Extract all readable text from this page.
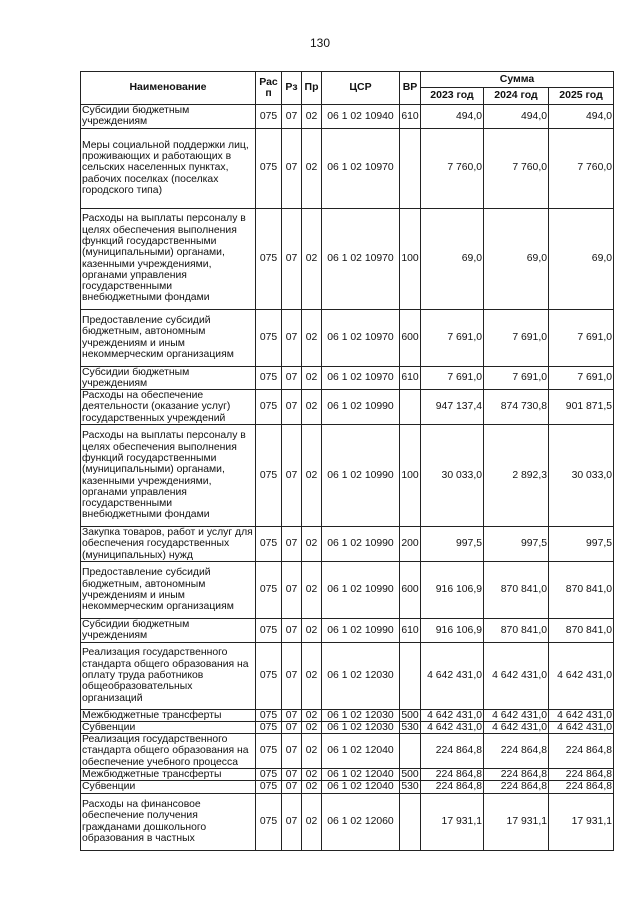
130
Наименование	Рас п	Рз	Пр	ЦСР	ВР	Сумма		
						2023 год	2024 год	2025 год
Субсидии бюджетным учреждениям	075	07	02	06 1 02 10940	610	494,0	494,0	494,0
Меры социальной поддержки лиц, проживающих и работающих в сельских населенных пунктах, рабочих поселках (поселках городского типа)	075	07	02	06 1 02 10970		7 760,0	7 760,0	7 760,0
Расходы на выплаты персоналу в целях обеспечения выполнения функций государственными (муниципальными) органами, казенными учреждениями, органами управления государственными внебюджетными фондами	075	07	02	06 1 02 10970	100	69,0	69,0	69,0
Предоставление субсидий бюджетным, автономным учреждениям и иным некоммерческим организациям	075	07	02	06 1 02 10970	600	7 691,0	7 691,0	7 691,0
Субсидии бюджетным учреждениям	075	07	02	06 1 02 10970	610	7 691,0	7 691,0	7 691,0
Расходы на обеспечение деятельности (оказание услуг) государственных учреждений	075	07	02	06 1 02 10990		947 137,4	874 730,8	901 871,5
Расходы на выплаты персоналу в целях обеспечения выполнения функций государственными (муниципальными) органами, казенными учреждениями, органами управления государственными внебюджетными фондами	075	07	02	06 1 02 10990	100	30 033,0	2 892,3	30 033,0
Закупка товаров, работ и услуг для обеспечения государственных (муниципальных) нужд	075	07	02	06 1 02 10990	200	997,5	997,5	997,5
Предоставление субсидий бюджетным, автономным учреждениям и иным некоммерческим организациям	075	07	02	06 1 02 10990	600	916 106,9	870 841,0	870 841,0
Субсидии бюджетным учреждениям	075	07	02	06 1 02 10990	610	916 106,9	870 841,0	870 841,0
Реализация государственного стандарта общего образования на оплату труда работников общеобразовательных организаций	075	07	02	06 1 02 12030		4 642 431,0	4 642 431,0	4 642 431,0
Межбюджетные трансферты	075	07	02	06 1 02 12030	500	4 642 431,0	4 642 431,0	4 642 431,0
Субвенции	075	07	02	06 1 02 12030	530	4 642 431,0	4 642 431,0	4 642 431,0
Реализация государственного стандарта общего образования на обеспечение учебного процесса	075	07	02	06 1 02 12040		224 864,8	224 864,8	224 864,8
Межбюджетные трансферты	075	07	02	06 1 02 12040	500	224 864,8	224 864,8	224 864,8
Субвенции	075	07	02	06 1 02 12040	530	224 864,8	224 864,8	224 864,8
Расходы на финансовое обеспечение получения гражданами дошкольного образования в частных	075	07	02	06 1 02 12060		17 931,1	17 931,1	17 931,1
